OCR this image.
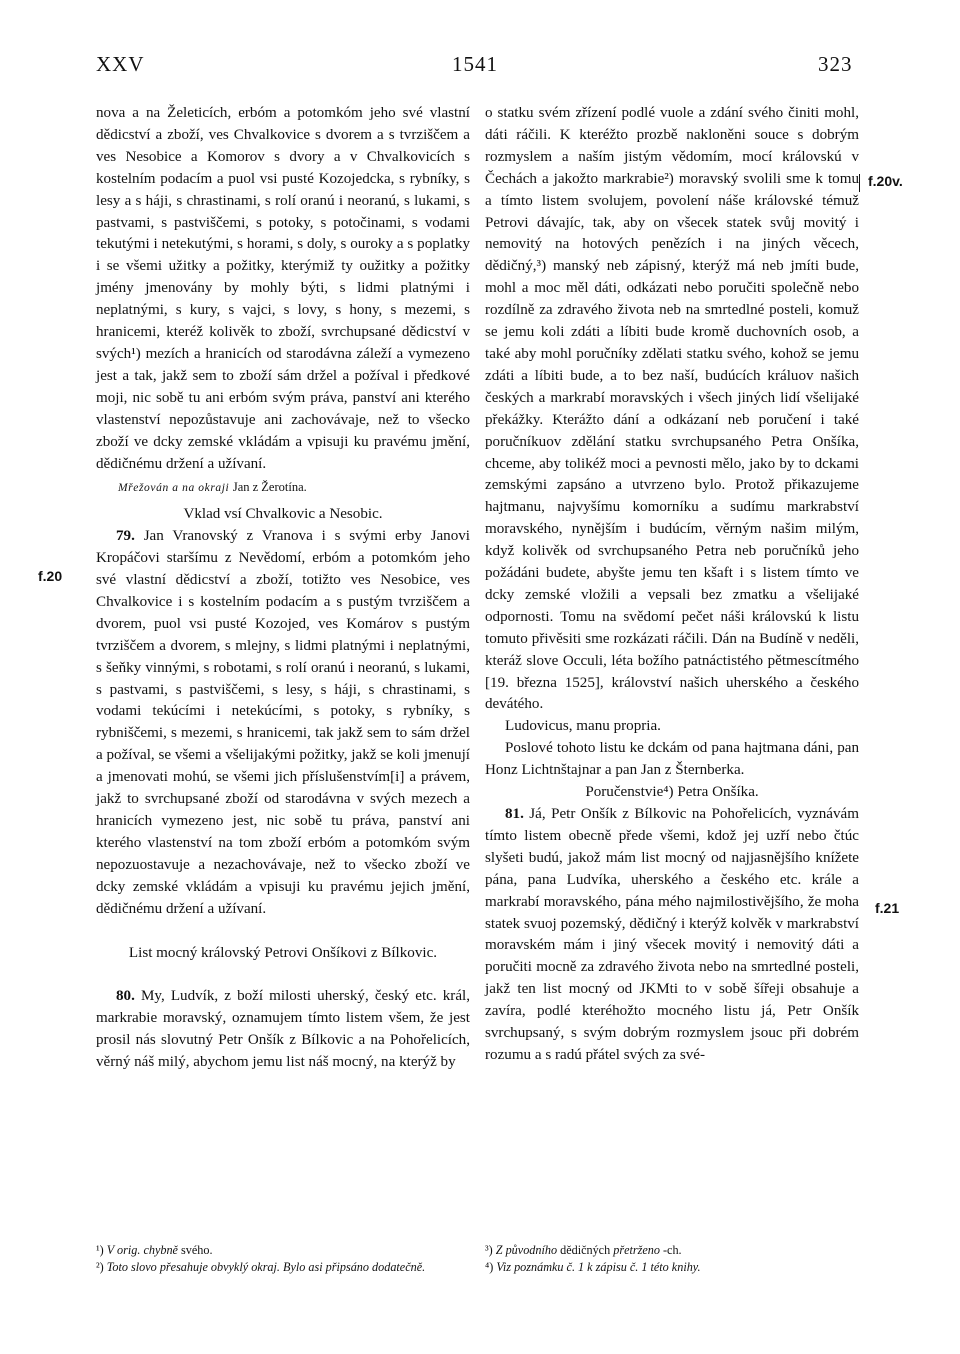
XXV	1541	323

nova a na Želeticích, erbóm a potomkóm jeho své vlastní dědicství a zboží, ves Chvalkovice s dvorem a s tvrziščem a ves Nesobice a Komorov s dvory a v Chvalkovicích s kostelním podacím a puol vsi pusté Kozojedcka, s rybníky, s lesy a s háji, s chrastinami, s rolí oranú i neoranú, s lukami, s pastvami, s pastviščemi, s potoky, s potočinami, s vodami tekutými i netekutými, s horami, s doly, s ouroky a s poplatky i se všemi užitky a požitky, kterýmiž ty oužitky a požitky jmény jmenovány by mohly býti, s lidmi platnými i neplatnými, s kury, s vajci, s lovy, s hony, s mezemi, s hranicemi, kteréž kolivěk to zboží, svrchupsané dědicství v svých¹) mezích a hranicích od starodávna záleží a vymezeno jest a tak, jakž sem to zboží sám držel a požíval i předkové moji, nic sobě tu ani erbóm svým práva, panství ani kterého vlastenství nepozůstavuje ani zachovávaje, než to všecko zboží ve dcky zemské vkládám a vpisuji ku pravému jmění, dědičnému držení a užívaní.

Mřežován a na okraji Jan z Žerotína.

Vklad vsí Chvalkovic a Nesobic.

79. Jan Vranovský z Vranova i s svými erby Janovi Kropáčovi staršímu z Nevědomí, erbóm a potomkóm jeho své vlastní dědicství a zboží, totižto ves Nesobice, ves Chvalkovice i s kostelním podacím a s pustým tvrziščem a dvorem, puol vsi pusté Kozojed, ves Komárov s pustým tvrziščem a dvorem, s mlejny, s lidmi platnými i neplatnými, s šeňky vinnými, s robotami, s rolí oranú i neoranú, s lukami, s pastvami, s pastviščemi, s lesy, s háji, s chrastinami, s vodami tekúcími i netekúcími, s potoky, s rybníky, s rybniščemi, s mezemi, s hranicemi, tak jakž sem to sám držel a požíval, se všemi a všelijakými požitky, jakž se koli jmenují a jmenovati mohú, se všemi jich příslušenstvím[i] a právem, jakž to svrchupsané zboží od starodávna v svých mezech a hranicích vymezeno jest, nic sobě tu práva, panství ani kterého vlastenství na tom zboží erbóm a potomkóm svým nepozuostavuje a nezachovávaje, než to všecko zboží ve dcky zemské vkládám a vpisuji ku pravému jejich jmění, dědičnému držení a užívaní.

List mocný královský Petrovi Onšíkovi z Bílkovic.

80. My, Ludvík, z boží milosti uherský, český etc. král, markrabie moravský, oznamujem tímto listem všem, že jest prosil nás slovutný Petr Onšík z Bílkovic a na Pohořelicích, věrný náš milý, abychom jemu list náš mocný, na kterýž by

o statku svém zřízení podlé vuole a zdání svého činiti mohl, dáti ráčili. K kteréžto prozbě nakloněni souce s dobrým rozmyslem a naším jistým vědomím, mocí královskú v Čechách a jakožto markrabie²) moravský svolili sme k tomu a tímto listem svolujem, povolení náše královské témuž Petrovi dávajíc, tak, aby on všecek statek svůj movitý i nemovitý na hotových penězích i na jiných věcech, dědičný,³) manský neb zápisný, kterýž má neb jmíti bude, mohl a moc měl dáti, odkázati nebo poručiti společně nebo rozdílně za zdravého života neb na smrtedlné posteli, komuž se jemu koli zdáti a líbiti bude kromě duchovních osob, a také aby mohl poručníky zdělati statku svého, kohož se jemu zdáti a líbiti bude, a to bez naší, budúcích králuov našich českých a markrabí moravských i všech jiných lidí všelijaké překážky. Kterážto dání a odkázaní neb poručení i také poručníkuov zdělání statku svrchupsaného Petra Onšíka, chceme, aby tolikéž moci a pevnosti mělo, jako by to dckami zemskými zapsáno a utvrzeno bylo. Protož přikazujeme hajtmanu, najvyšímu komorníku a sudímu markrabství moravského, nynějším i budúcím, věrným našim milým, když kolivěk od svrchupsaného Petra neb poručníků jeho požádáni budete, abyšte jemu ten kšaft i s listem tímto ve dcky zemské vložili a vepsali bez zmatku a všelijaké odpornosti. Tomu na svědomí pečet náši královskú k listu tomuto přivěsiti sme rozkázati ráčili. Dán na Budíně v neděli, kteráž slove Occuli, léta božího patnáctistého pětmescítmého [19. března 1525], království našich uherského a českého devátého.

Ludovicus, manu propria.

Poslové tohoto listu ke dckám od pana hajtmana dáni, pan Honz Lichtnštajnar a pan Jan z Šternberka.

Poručenstvie⁴) Petra Onšíka.

81. Já, Petr Onšík z Bílkovic na Pohořelicích, vyznávám tímto listem obecně přede všemi, kdož jej uzří nebo čtúc slyšeti budú, jakož mám list mocný od najjasnějšího knížete pána, pana Ludvíka, uherského a českého etc. krále a markrabí moravského, pána mého najmilostivějšího, že moha statek svuoj pozemský, dědičný i kterýž kolvěk v markrabství moravském mám i jiný všecek movitý i nemovitý dáti a poručiti mocně za zdravého života nebo na smrtedlné posteli, jakž ten list mocný od JKMti to v sobě šířeji obsahuje a zavíra, podlé kteréhožto mocného listu já, Petr Onšík svrchupsaný, s svým dobrým rozmyslem jsouc při dobrém rozumu a s radú přátel svých za své-

f.20
f.20v.
f.21

¹) V orig. chybně svého.

²) Toto slovo přesahuje obvyklý okraj. Bylo asi připsáno dodatečně.

³) Z původního dědičných přetrženo -ch.

⁴) Viz poznámku č. 1 k zápisu č. 1 této knihy.
